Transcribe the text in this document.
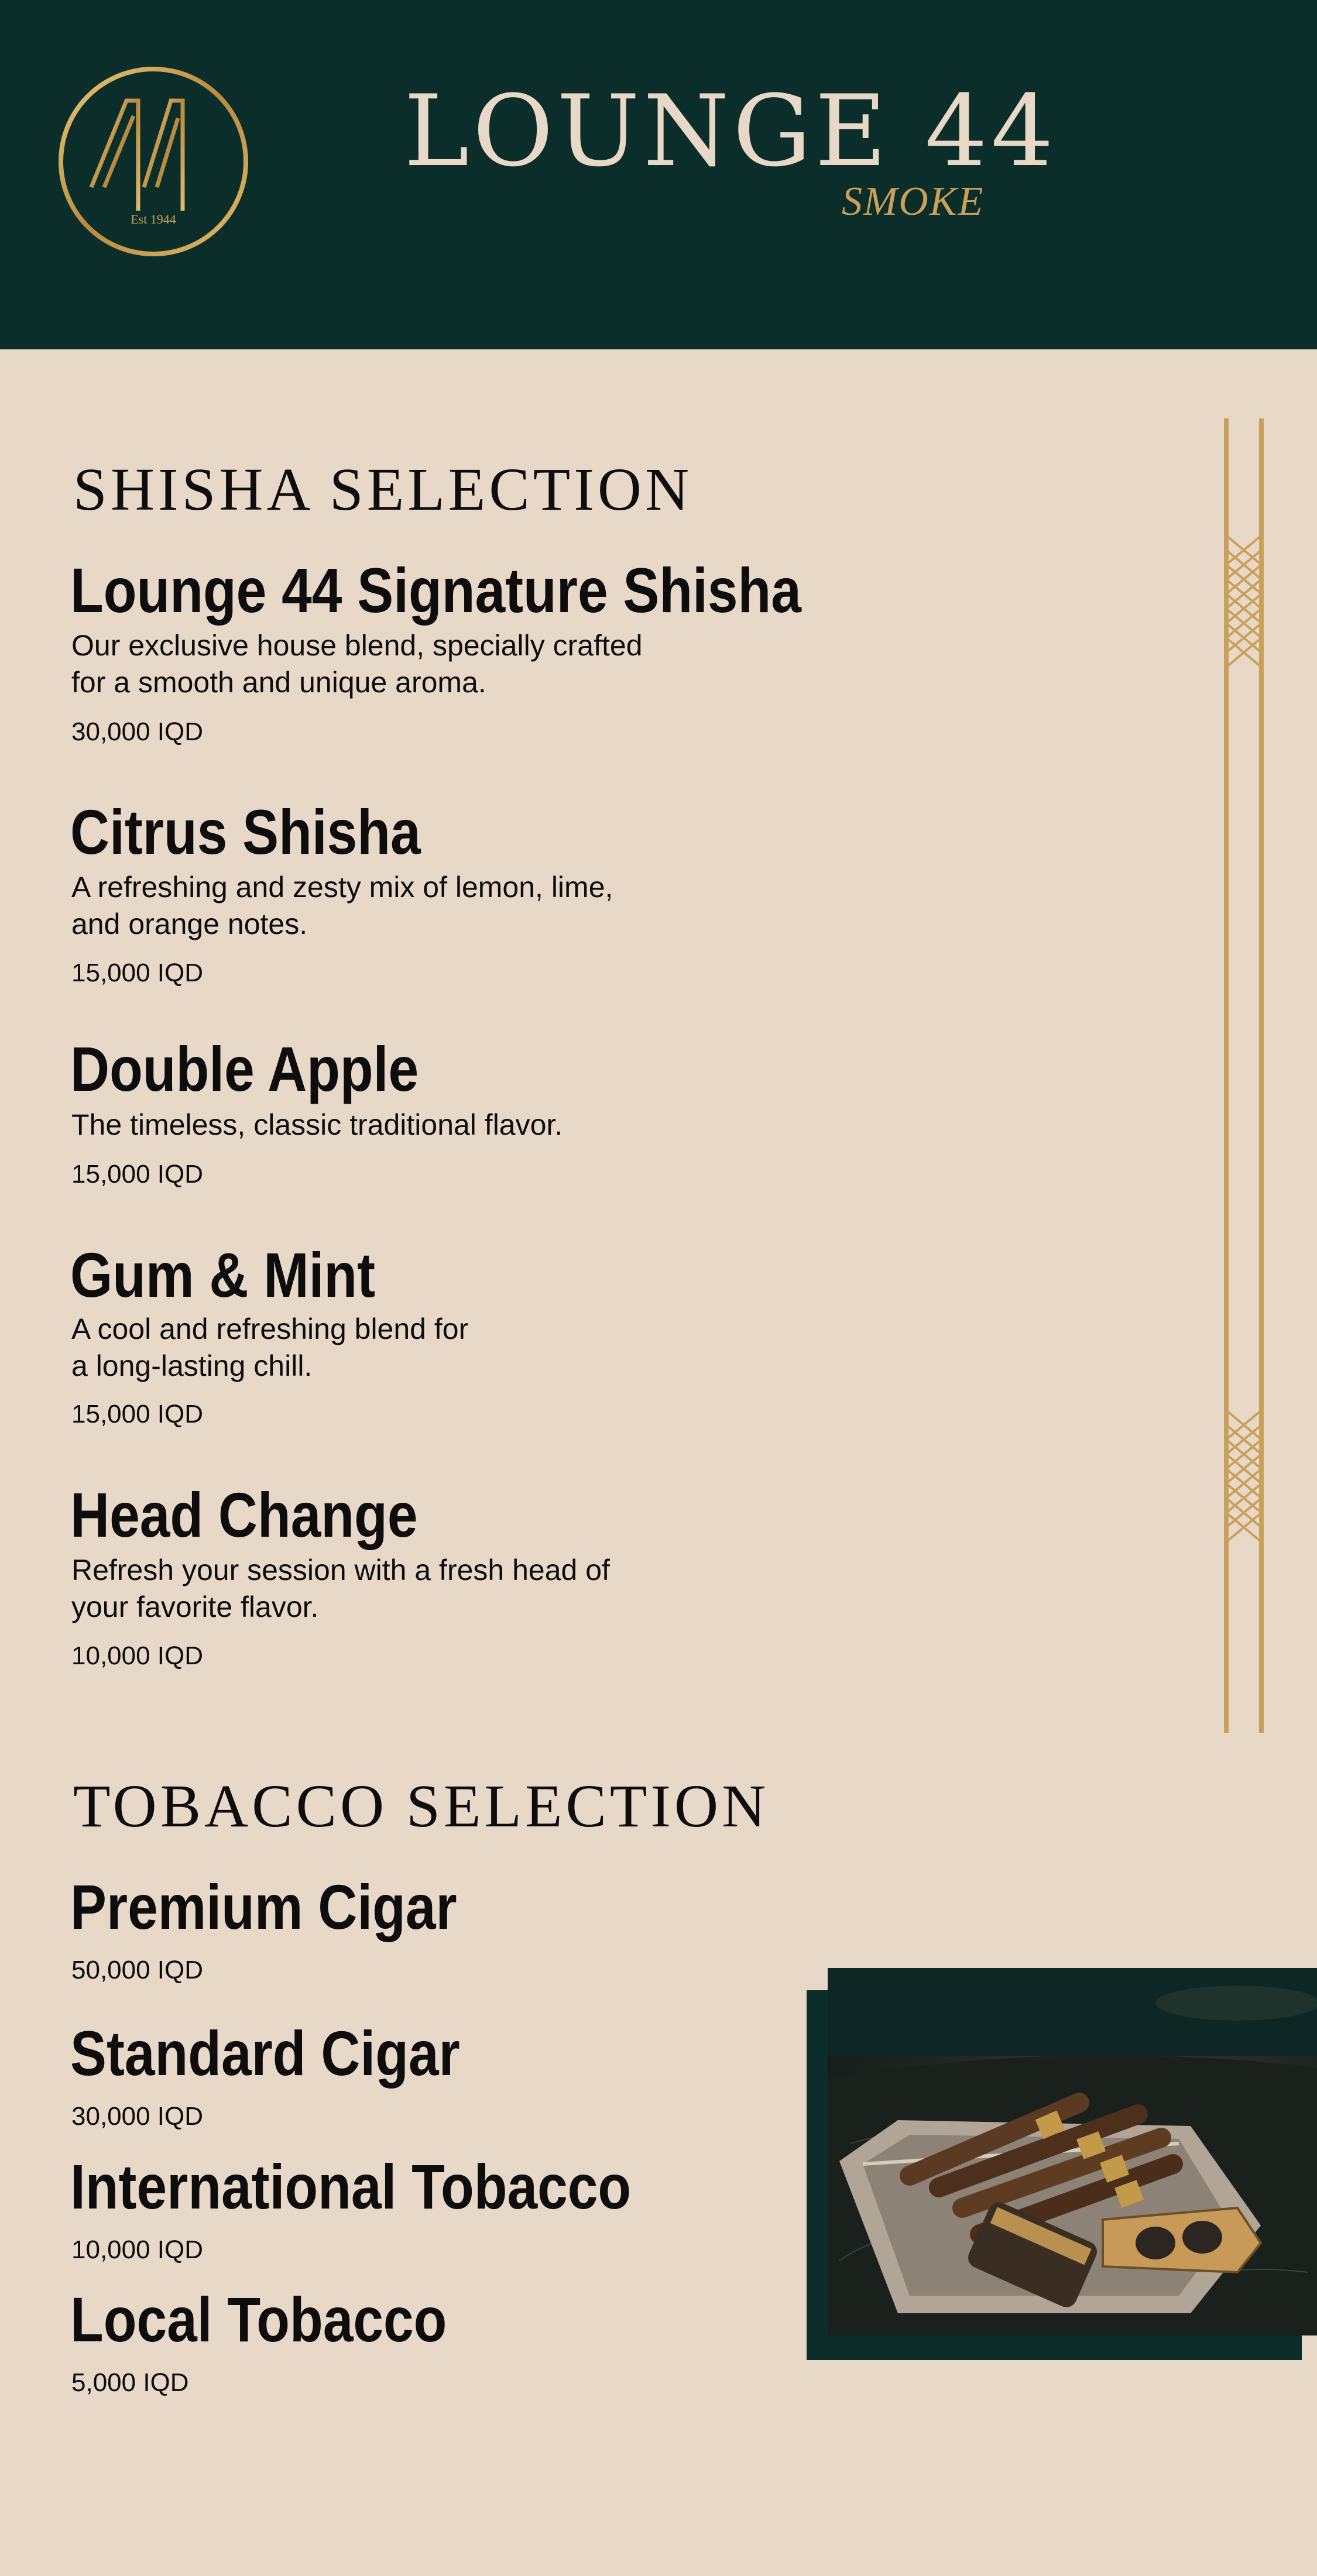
Est 1944
LOUNGE 44
SMOKE
SHISHA SELECTION
Lounge 44 Signature Shisha

Our exclusive house blend, specially crafted
for a smooth and unique aroma.

30,000 IQD
Citrus Shisha

A refreshing and zesty mix of lemon, lime,
and orange notes.

15,000 IQD
Double Apple

The timeless, classic traditional flavor.

15,000 IQD
Gum & Mint

A cool and refreshing blend for
a long-lasting chill.

15,000 IQD
Head Change

Refresh your session with a fresh head of
your favorite flavor.

10,000 IQD
TOBACCO SELECTION
Premium Cigar
50,000 IQD
Standard Cigar
30,000 IQD
International Tobacco
10,000 IQD
Local Tobacco
5,000 IQD
